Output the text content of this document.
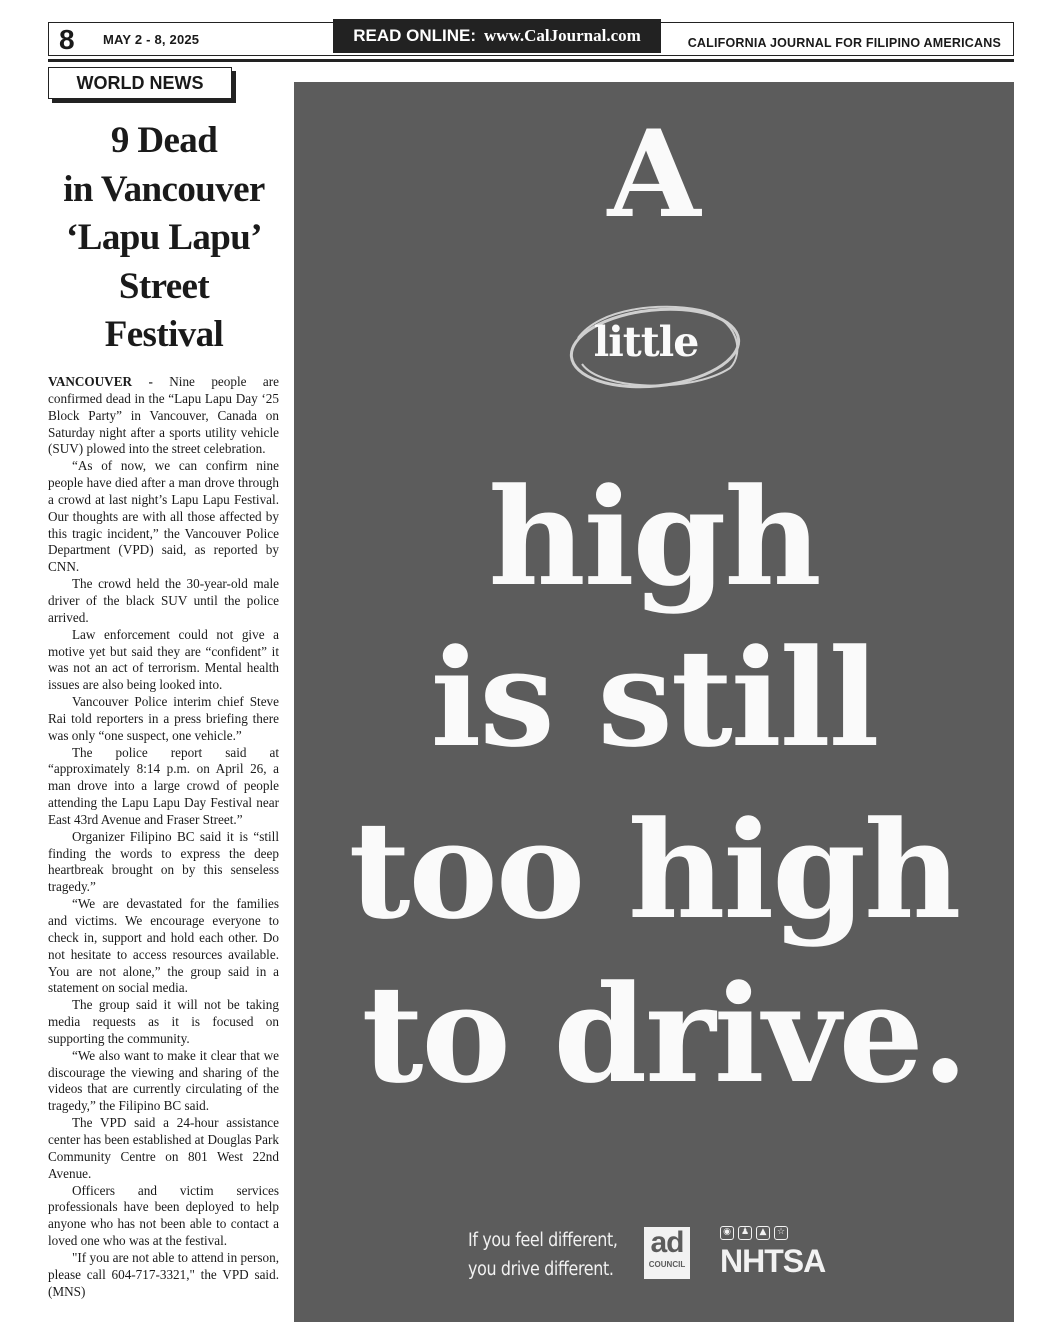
8 MAY 2 - 8, 2025	READ ONLINE: www.CalJournal.com	CALIFORNIA JOURNAL FOR FILIPINO AMERICANS
WORLD NEWS
9 Dead
in Vancouver
‘Lapu Lapu’
Street
Festival

VANCOUVER - Nine people are confirmed dead in the “Lapu Lapu Day ‘25 Block Party” in Vancouver, Canada on Saturday night after a sports utility vehicle (SUV) plowed into the street celebration.

“As of now, we can confirm nine people have died after a man drove through a crowd at last night’s Lapu Lapu Festival. Our thoughts are with all those affected by this tragic incident,” the Vancouver Police Department (VPD) said, as reported by CNN.

The crowd held the 30-year-old male driver of the black SUV until the police arrived.

Law enforcement could not give a motive yet but said they are “confident” it was not an act of terrorism. Mental health issues are also being looked into.

Vancouver Police interim chief Steve Rai told reporters in a press briefing there was only “one suspect, one vehicle.”

The police report said at “approximately 8:14 p.m. on April 26, a man drove into a large crowd of people attending the Lapu Lapu Day Festival near East 43rd Avenue and Fraser Street.”

Organizer Filipino BC said it is “still finding the words to express the deep heartbreak brought on by this senseless tragedy.”

“We are devastated for the families and victims. We encourage everyone to check in, support and hold each other. Do not hesitate to access resources available. You are not alone,” the group said in a statement on social media.

The group said it will not be taking media requests as it is focused on supporting the community.

“We also want to make it clear that we discourage the viewing and sharing of the videos that are currently circulating of the tragedy,” the Filipino BC said.

The VPD said a 24-hour assistance center has been established at Douglas Park Community Centre on 801 West 22nd Avenue.

Officers and victim services professionals have been deployed to help anyone who has not been able to contact a loved one who was at the festival.

"If you are not able to attend in person, please call 604-717-3321," the VPD said. (MNS)

A
little
high
is still
too high
to drive.
If you feel different,
you drive different.
ad
COUNCIL
◉	♟	▲	☆
NHTSA
